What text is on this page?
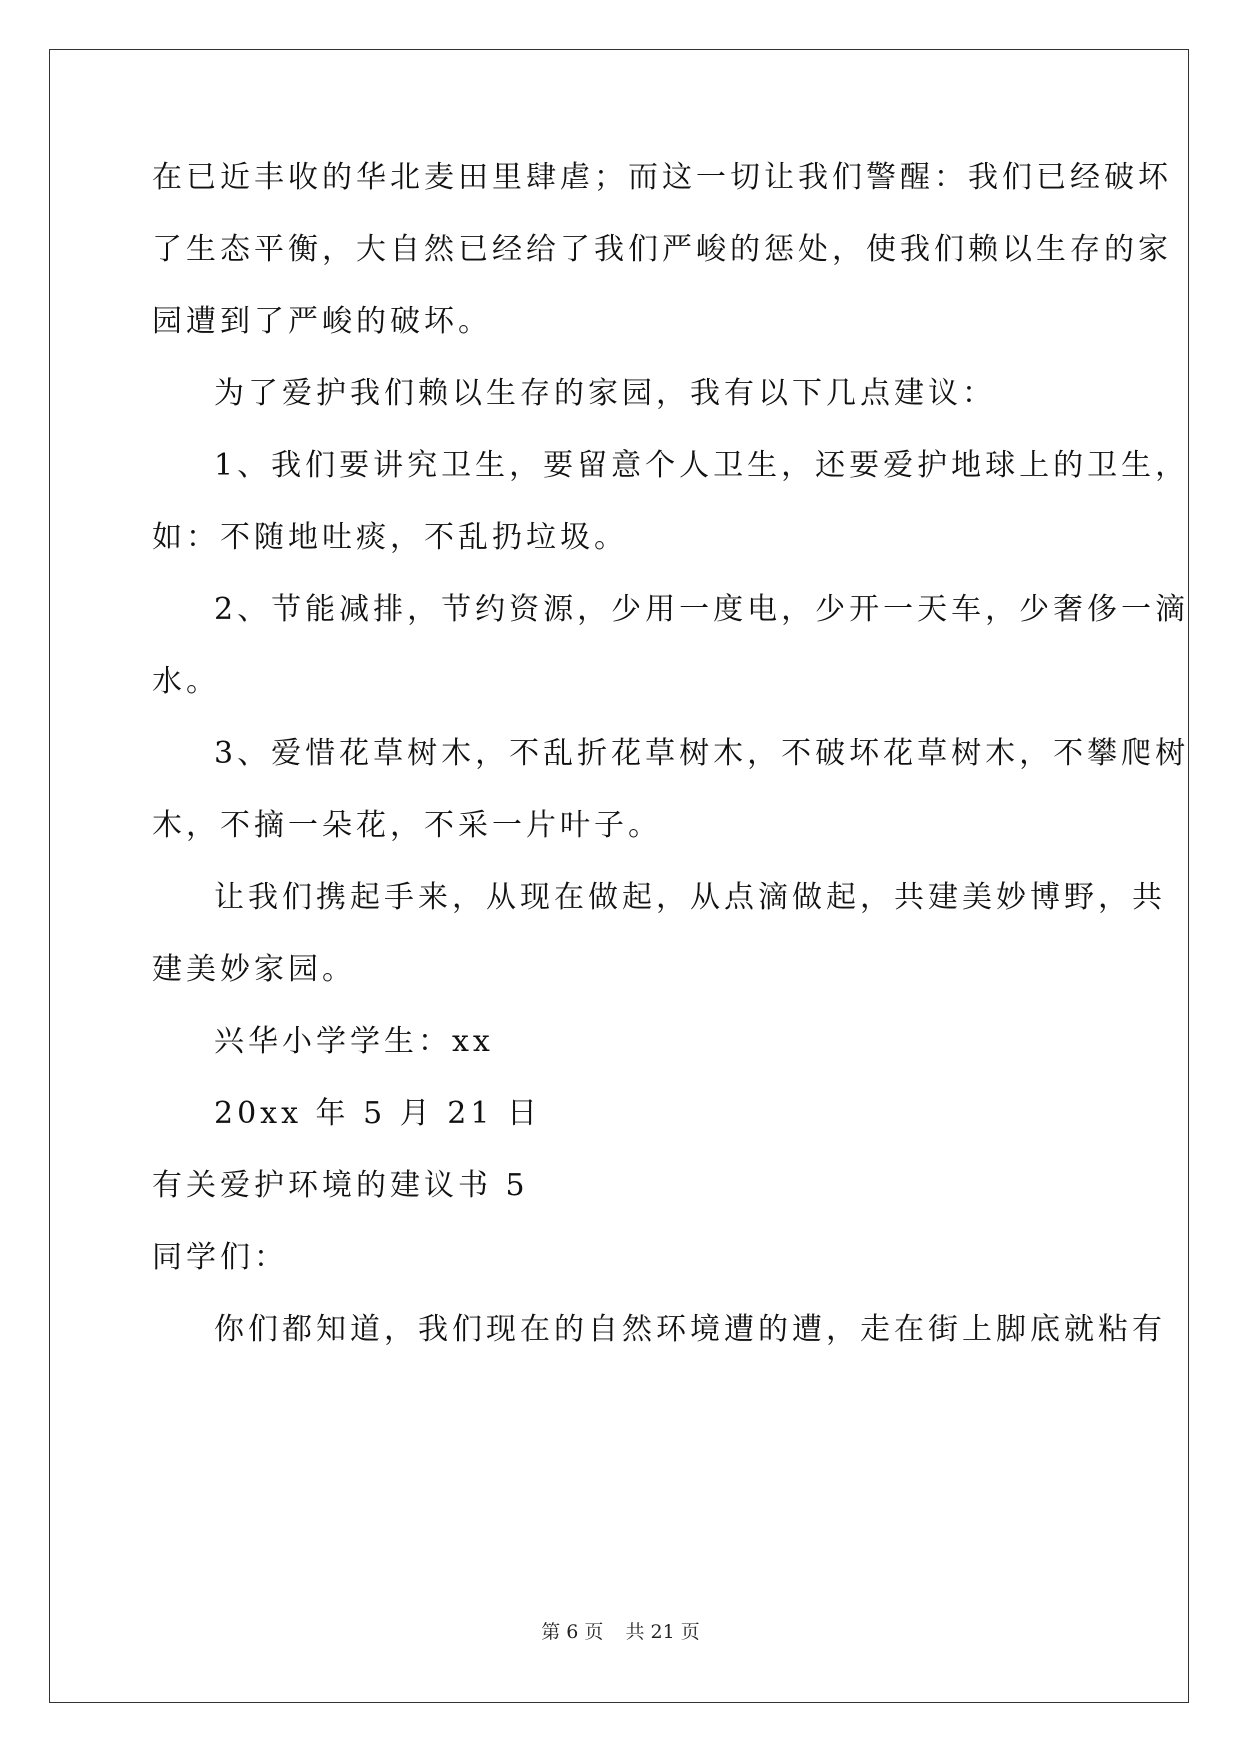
在已近丰收的华北麦田里肆虐；而这一切让我们警醒：我们已经破坏
了生态平衡，大自然已经给了我们严峻的惩处，使我们赖以生存的家
园遭到了严峻的破坏。
为了爱护我们赖以生存的家园，我有以下几点建议：
1、我们要讲究卫生，要留意个人卫生，还要爱护地球上的卫生，
如：不随地吐痰，不乱扔垃圾。
2、节能减排，节约资源，少用一度电，少开一天车，少奢侈一滴
水。
3、爱惜花草树木，不乱折花草树木，不破坏花草树木，不攀爬树
木，不摘一朵花，不采一片叶子。
让我们携起手来，从现在做起，从点滴做起，共建美妙博野，共
建美妙家园。
兴华小学学生：xx
20xx 年 5 月 21 日
有关爱护环境的建议书 5
同学们：
你们都知道，我们现在的自然环境遭的遭，走在街上脚底就粘有
第 6 页 共 21 页
